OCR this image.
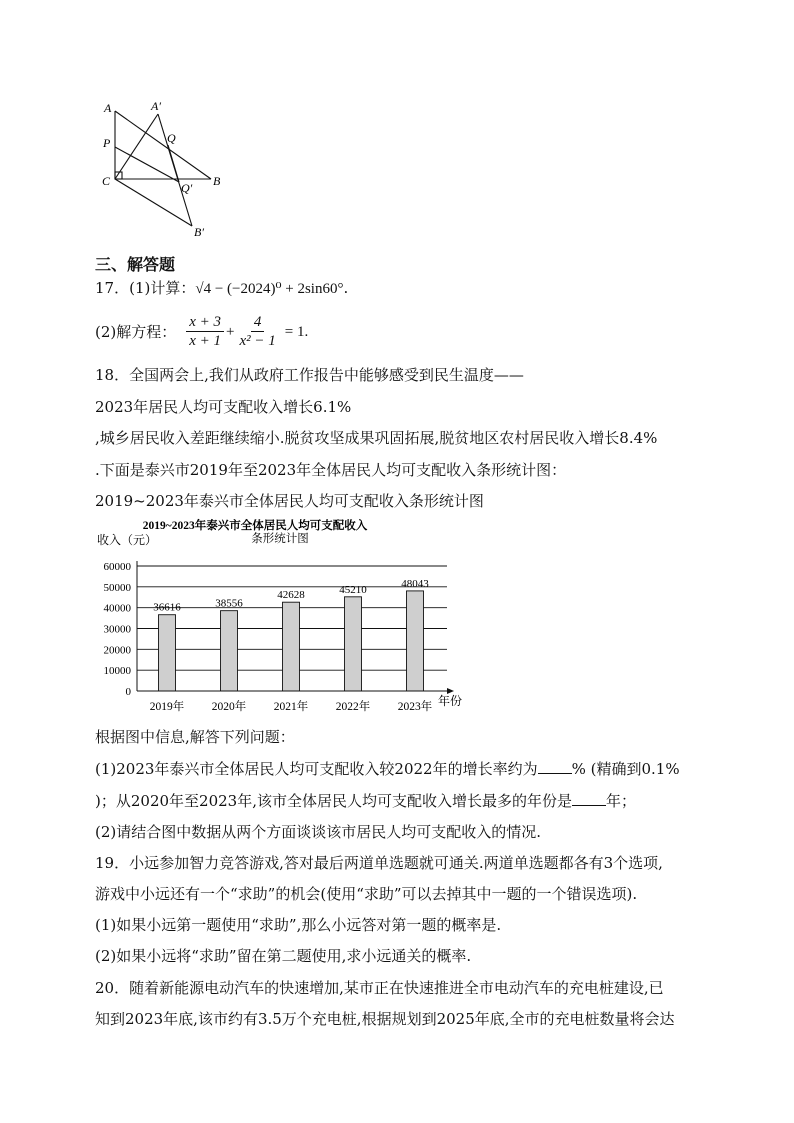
A	A′
Q
P
C	Q′ B
B′
三、解答题
17．(1)计算：√4 − (−2024)⁰ + 2sin60°.
(2)解方程： $\frac{x + 3}{x + 1} + \frac{4}{\text{x² − 1}} = 1$.
18．全国两会上,我们从政府工作报告中能够感受到民生温度——
2023年居民人均可支配收入增长6.1%
,城乡居民收入差距继续缩小.脱贫攻坚成果巩固拓展,脱贫地区农村居民收入增长8.4%
.下面是泰兴市2019年至2023年全体居民人均可支配收入条形统计图：
2019~2023年泰兴市全体居民人均可支配收入条形统计图
2019~2023年泰兴市全体居民人均可支配收入
条形统计图
收入（元）
年份
36616	38556
42628	45210	48043
0
10000
20000
30000
40000
50000
60000
2019年 2020年 2021年 2022年 2023年
根据图中信息,解答下列问题：
(1)2023年泰兴市全体居民人均可支配收入较2022年的增长率约为 % (精确到0.1%
)；从2020年至2023年,该市全体居民人均可支配收入增长最多的年份是 年；
(2)请结合图中数据从两个方面谈谈该市居民人均可支配收入的情况.
19．小远参加智力竞答游戏,答对最后两道单选题就可通关.两道单选题都各有3个选项,
游戏中小远还有一个“求助”的机会(使用“求助”可以去掉其中一题的一个错误选项).
(1)如果小远第一题使用“求助”,那么小远答对第一题的概率是.
(2)如果小远将“求助”留在第二题使用,求小远通关的概率.
20．随着新能源电动汽车的快速增加,某市正在快速推进全市电动汽车的充电桩建设,已
知到2023年底,该市约有3.5万个充电桩,根据规划到2025年底,全市的充电桩数量将会达
